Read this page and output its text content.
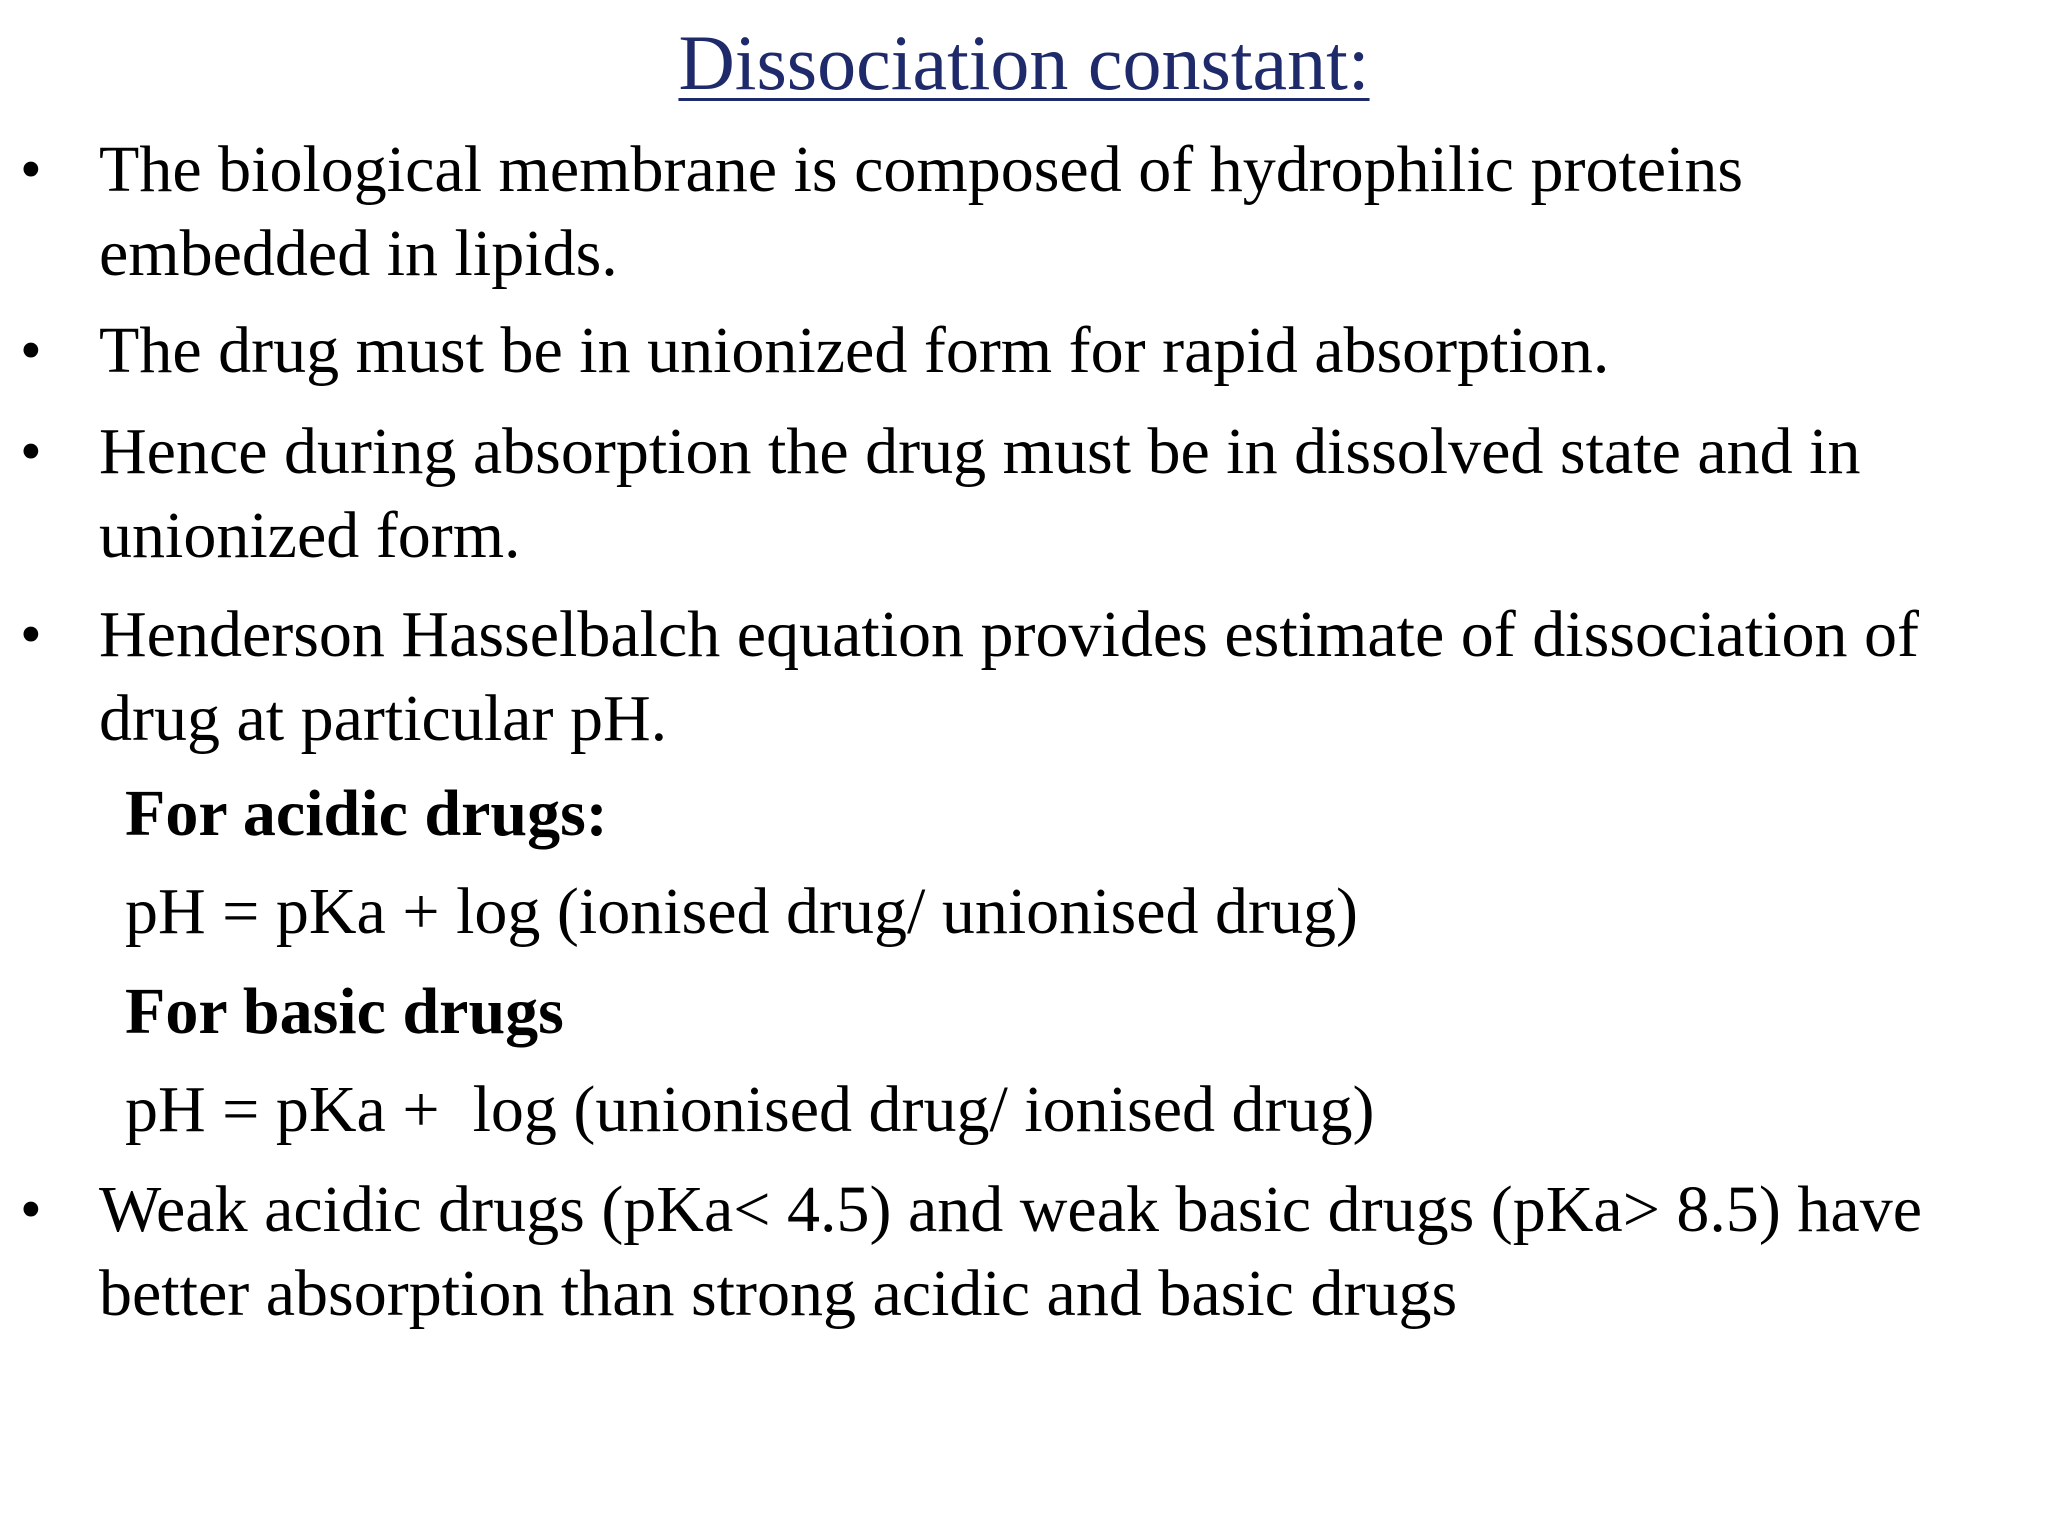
Dissociation constant:
• The biological membrane is composed of hydrophilic proteins
embedded in lipids.
• The drug must be in unionized form for rapid absorption.
• Hence during absorption the drug must be in dissolved state and in
unionized form.
• Henderson Hasselbalch equation provides estimate of dissociation of
drug at particular pH.
For acidic drugs:
pH = pKa + log (ionised drug/ unionised drug)
For basic drugs
pH = pKa +  log (unionised drug/ ionised drug)
• Weak acidic drugs (pKa< 4.5) and weak basic drugs (pKa> 8.5) have
better absorption than strong acidic and basic drugs
